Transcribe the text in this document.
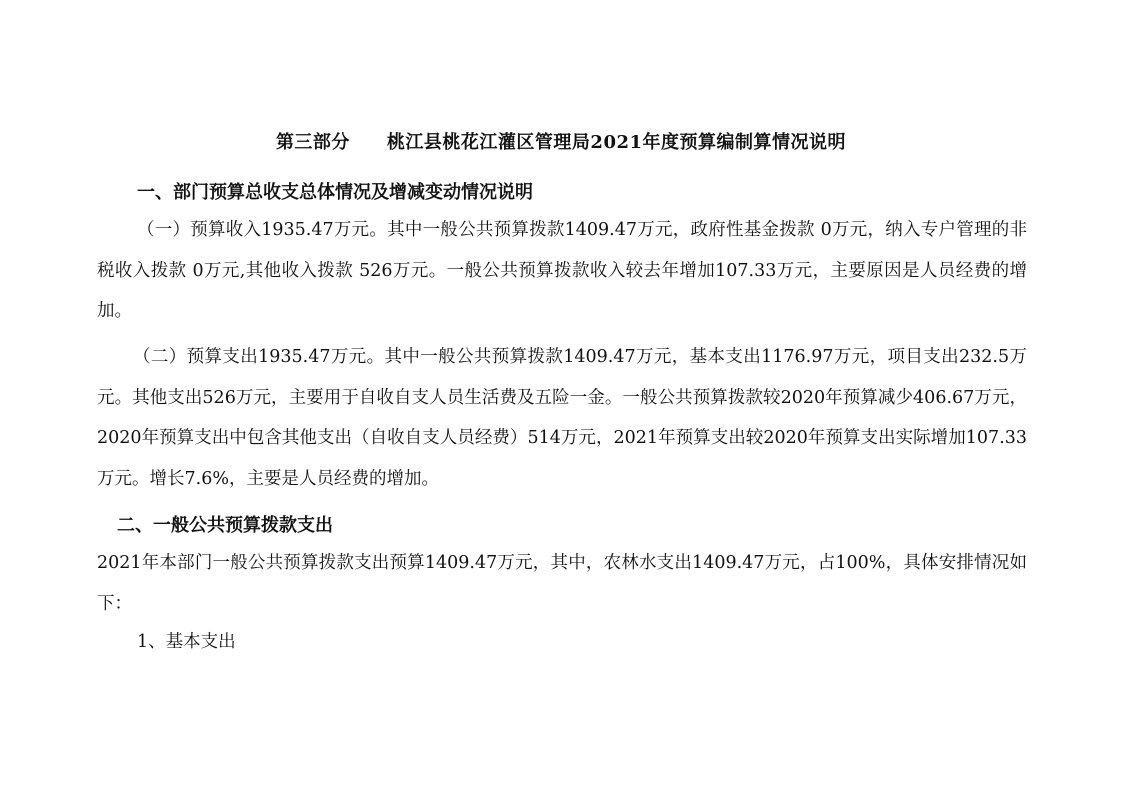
第三部分　　桃江县桃花江灌区管理局2021年度预算编制算情况说明
一、部门预算总收支总体情况及增减变动情况说明
（一）预算收入1935.47万元。其中一般公共预算拨款1409.47万元，政府性基金拨款 0万元，纳入专户管理的非税收入拨款 0万元,其他收入拨款 526万元。一般公共预算拨款收入较去年增加107.33万元，主要原因是人员经费的增加。
（二）预算支出1935.47万元。其中一般公共预算拨款1409.47万元，基本支出1176.97万元，项目支出232.5万元。其他支出526万元，主要用于自收自支人员生活费及五险一金。一般公共预算拨款较2020年预算减少406.67万元，2020年预算支出中包含其他支出（自收自支人员经费）514万元，2021年预算支出较2020年预算支出实际增加107.33万元。增长7.6%，主要是人员经费的增加。
二、一般公共预算拨款支出
2021年本部门一般公共预算拨款支出预算1409.47万元，其中，农林水支出1409.47万元，占100%，具体安排情况如下：
1、基本支出
